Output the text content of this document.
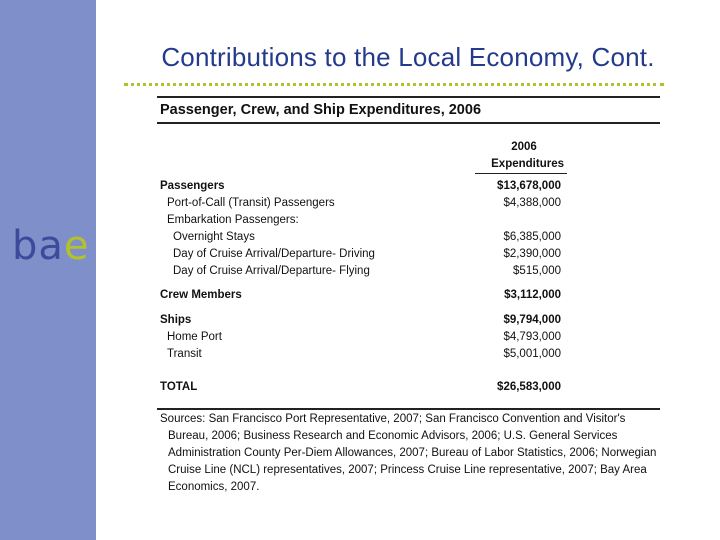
bae
Contributions to the Local Economy, Cont.
Passenger, Crew, and Ship Expenditures, 2006
2006
Expenditures
Passengers	$13,678,000
Port-of-Call (Transit) Passengers	$4,388,000
Embarkation Passengers:
Overnight Stays	$6,385,000
Day of Cruise Arrival/Departure- Driving	$2,390,000
Day of Cruise Arrival/Departure- Flying	$515,000
Crew Members	$3,112,000
Ships	$9,794,000
Home Port	$4,793,000
Transit	$5,001,000
TOTAL	$26,583,000

Sources: San Francisco Port Representative, 2007; San Francisco Convention and Visitor's Bureau, 2006; Business Research and Economic Advisors, 2006; U.S. General Services Administration County Per-Diem Allowances, 2007; Bureau of Labor Statistics, 2006; Norwegian Cruise Line (NCL) representatives, 2007; Princess Cruise Line representative, 2007; Bay Area Economics, 2007.
